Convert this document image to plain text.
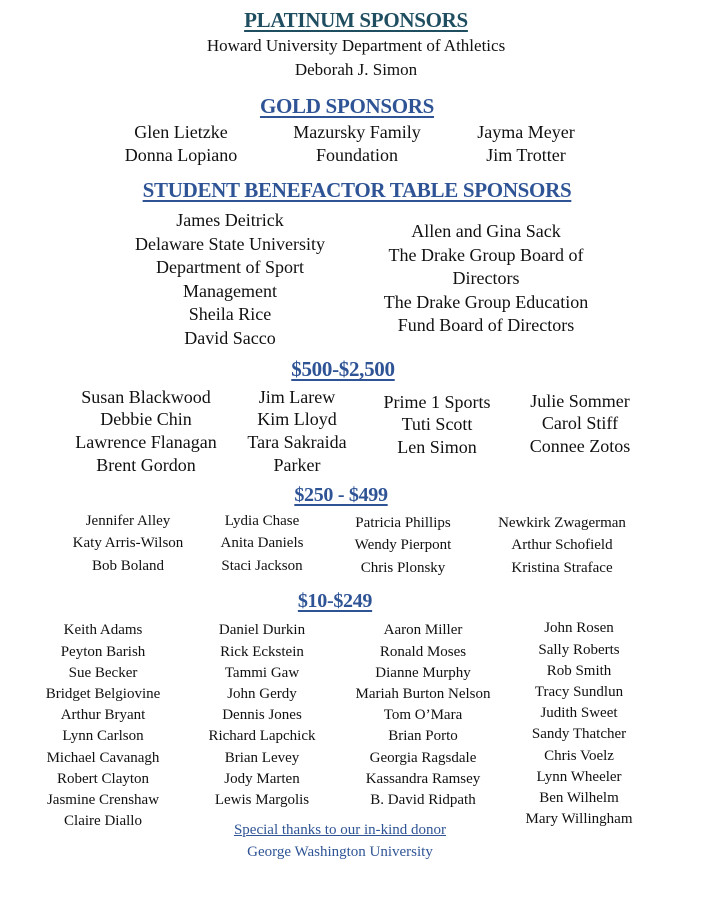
PLATINUM SPONSORS
GOLD SPONSORS
STUDENT BENEFACTOR TABLE SPONSORS
$500-$2,500
$250 - $499
$10-$249
Howard University Department of Athletics
Deborah J. Simon
Glen Lietzke
Donna Lopiano
Mazursky Family
Foundation
Jayma Meyer
Jim Trotter
James Deitrick
Delaware State University
Department of Sport
Management
Sheila Rice
David Sacco
Allen and Gina Sack
The Drake Group Board of
Directors
The Drake Group Education
Fund Board of Directors
Susan Blackwood
Debbie Chin
Lawrence Flanagan
Brent Gordon
Jim Larew
Kim Lloyd
Tara Sakraida
Parker
Prime 1 Sports
Tuti Scott
Len Simon
Julie Sommer
Carol Stiff
Connee Zotos
Jennifer Alley
Katy Arris-Wilson
Bob Boland
Lydia Chase
Anita Daniels
Staci Jackson
Patricia Phillips
Wendy Pierpont
Chris Plonsky
Newkirk Zwagerman
Arthur Schofield
Kristina Straface
Keith Adams
Peyton Barish
Sue Becker
Bridget Belgiovine
Arthur Bryant
Lynn Carlson
Michael Cavanagh
Robert Clayton
Jasmine Crenshaw
Claire Diallo
Daniel Durkin
Rick Eckstein
Tammi Gaw
John Gerdy
Dennis Jones
Richard Lapchick
Brian Levey
Jody Marten
Lewis Margolis
Aaron Miller
Ronald Moses
Dianne Murphy
Mariah Burton Nelson
Tom O’Mara
Brian Porto
Georgia Ragsdale
Kassandra Ramsey
B. David Ridpath
John Rosen
Sally Roberts
Rob Smith
Tracy Sundlun
Judith Sweet
Sandy Thatcher
Chris Voelz
Lynn Wheeler
Ben Wilhelm
Mary Willingham
Special thanks to our in-kind donor
George Washington University
